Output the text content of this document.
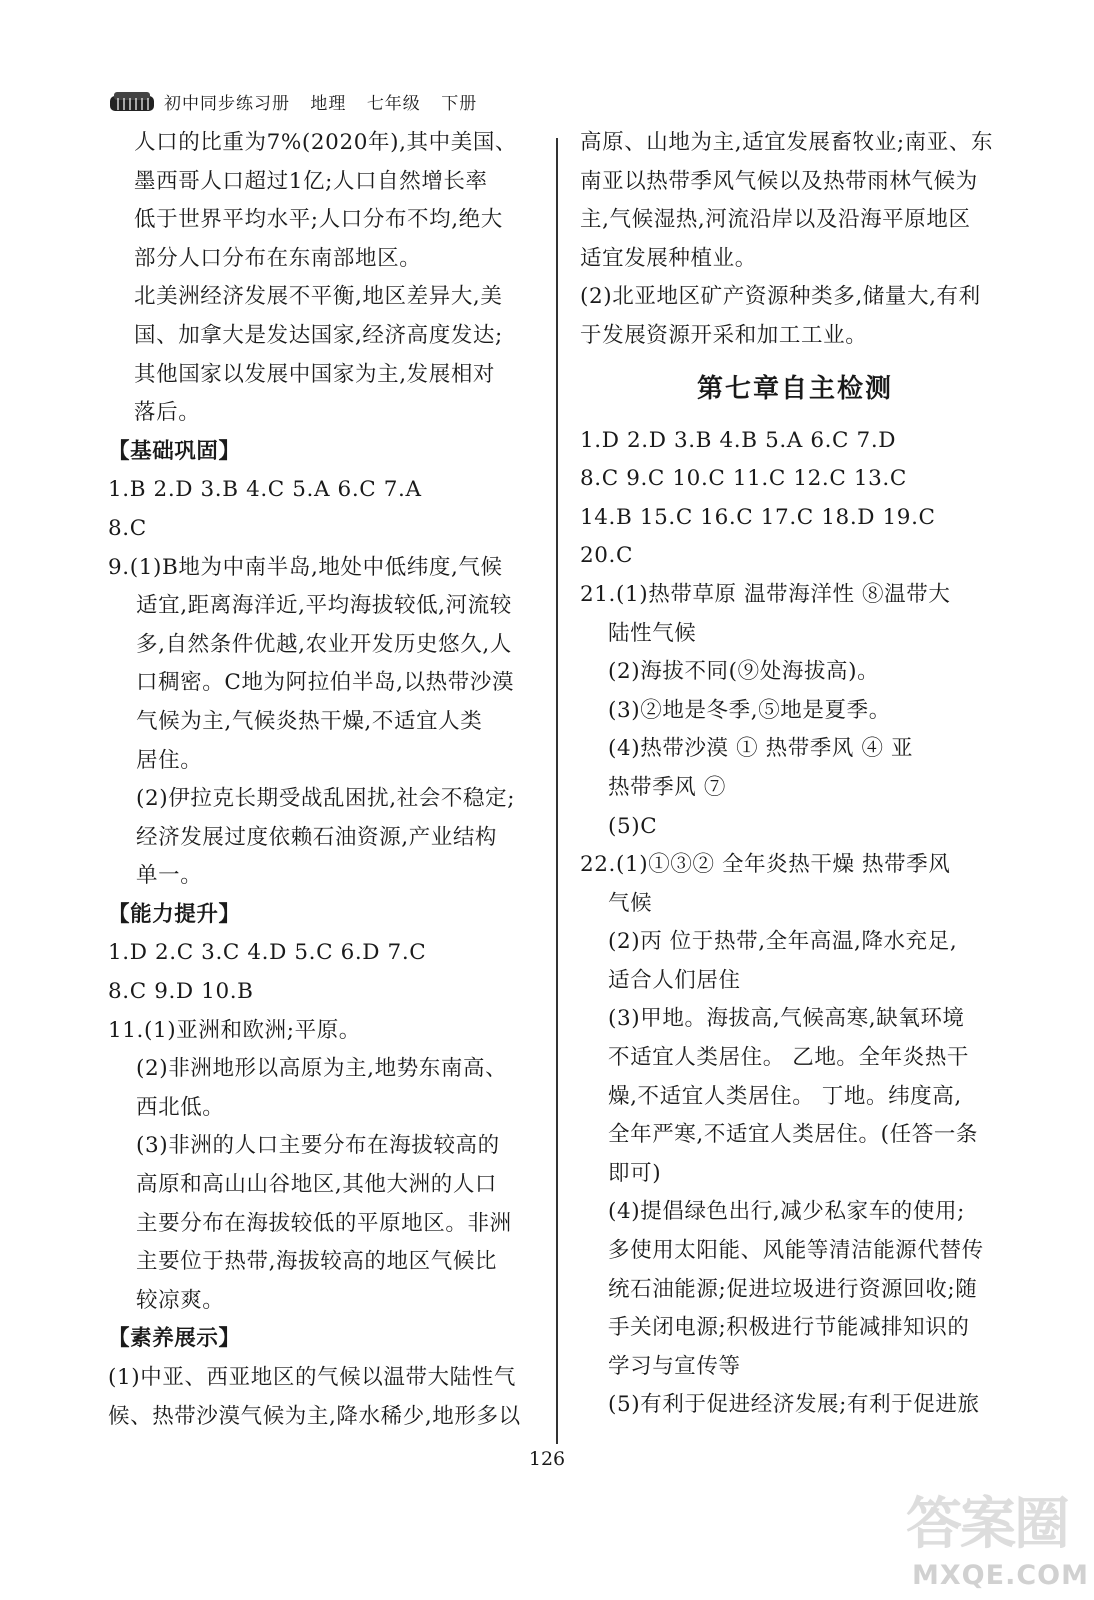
初中同步练习册 地理 七年级 下册
人口的比重为7%(2020年),其中美国、
墨西哥人口超过1亿;人口自然增长率
低于世界平均水平;人口分布不均,绝大
部分人口分布在东南部地区。
北美洲经济发展不平衡,地区差异大,美
国、加拿大是发达国家,经济高度发达;
其他国家以发展中国家为主,发展相对
落后。
【基础巩固】
1.B 2.D 3.B 4.C 5.A 6.C 7.A
8.C
9.(1)B地为中南半岛,地处中低纬度,气候
适宜,距离海洋近,平均海拔较低,河流较
多,自然条件优越,农业开发历史悠久,人
口稠密。C地为阿拉伯半岛,以热带沙漠
气候为主,气候炎热干燥,不适宜人类
居住。
(2)伊拉克长期受战乱困扰,社会不稳定;
经济发展过度依赖石油资源,产业结构
单一。
【能力提升】
1.D 2.C 3.C 4.D 5.C 6.D 7.C
8.C 9.D 10.B
11.(1)亚洲和欧洲;平原。
(2)非洲地形以高原为主,地势东南高、
西北低。
(3)非洲的人口主要分布在海拔较高的
高原和高山山谷地区,其他大洲的人口
主要分布在海拔较低的平原地区。非洲
主要位于热带,海拔较高的地区气候比
较凉爽。
【素养展示】
(1)中亚、西亚地区的气候以温带大陆性气
候、热带沙漠气候为主,降水稀少,地形多以
高原、山地为主,适宜发展畜牧业;南亚、东
南亚以热带季风气候以及热带雨林气候为
主,气候湿热,河流沿岸以及沿海平原地区
适宜发展种植业。
(2)北亚地区矿产资源种类多,储量大,有利
于发展资源开采和加工工业。
第七章自主检测
1.D 2.D 3.B 4.B 5.A 6.C 7.D
8.C 9.C 10.C 11.C 12.C 13.C
14.B 15.C 16.C 17.C 18.D 19.C
20.C
21.(1)热带草原 温带海洋性 ⑧温带大
陆性气候
(2)海拔不同(⑨处海拔高)。
(3)②地是冬季,⑤地是夏季。
(4)热带沙漠 ① 热带季风 ④ 亚
热带季风 ⑦
(5)C
22.(1)①③② 全年炎热干燥 热带季风
气候
(2)丙 位于热带,全年高温,降水充足,
适合人们居住
(3)甲地。海拔高,气候高寒,缺氧环境
不适宜人类居住。 乙地。全年炎热干
燥,不适宜人类居住。 丁地。纬度高,
全年严寒,不适宜人类居住。(任答一条
即可)
(4)提倡绿色出行,减少私家车的使用;
多使用太阳能、风能等清洁能源代替传
统石油能源;促进垃圾进行资源回收;随
手关闭电源;积极进行节能减排知识的
学习与宣传等
(5)有利于促进经济发展;有利于促进旅
126
答案圈
MXQE.COM
